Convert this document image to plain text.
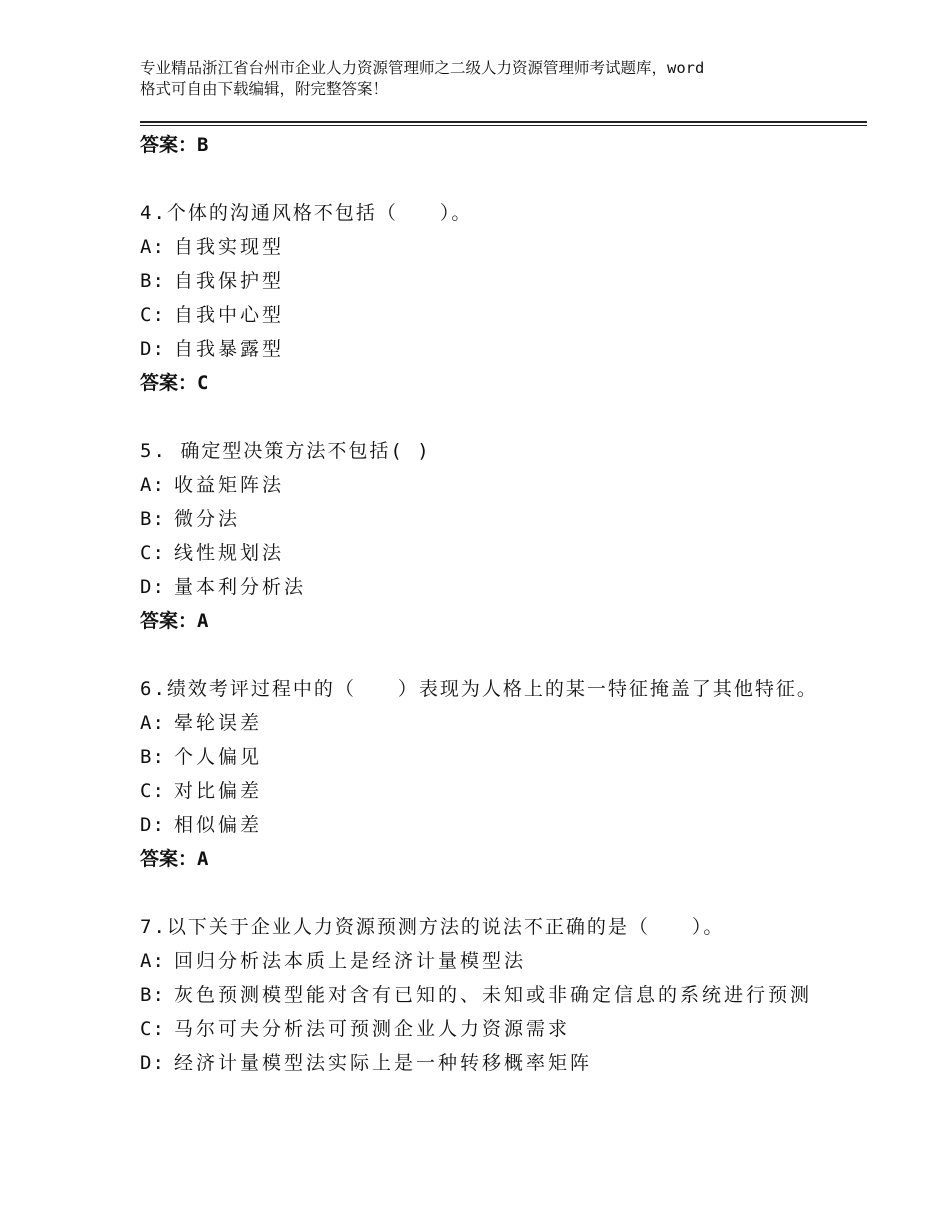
专业精品浙江省台州市企业人力资源管理师之二级人力资源管理师考试题库，word
格式可自由下载编辑，附完整答案！

答案：B

4.个体的沟通风格不包括（　　）。

A: 自我实现型

B: 自我保护型

C: 自我中心型

D: 自我暴露型

答案：C

5. 确定型决策方法不包括( )

A: 收益矩阵法

B: 微分法

C: 线性规划法

D: 量本利分析法

答案：A

6.绩效考评过程中的（　　）表现为人格上的某一特征掩盖了其他特征。

A: 晕轮误差

B: 个人偏见

C: 对比偏差

D: 相似偏差

答案：A

7.以下关于企业人力资源预测方法的说法不正确的是（　　）。

A: 回归分析法本质上是经济计量模型法

B: 灰色预测模型能对含有已知的、未知或非确定信息的系统进行预测

C: 马尔可夫分析法可预测企业人力资源需求

D: 经济计量模型法实际上是一种转移概率矩阵
